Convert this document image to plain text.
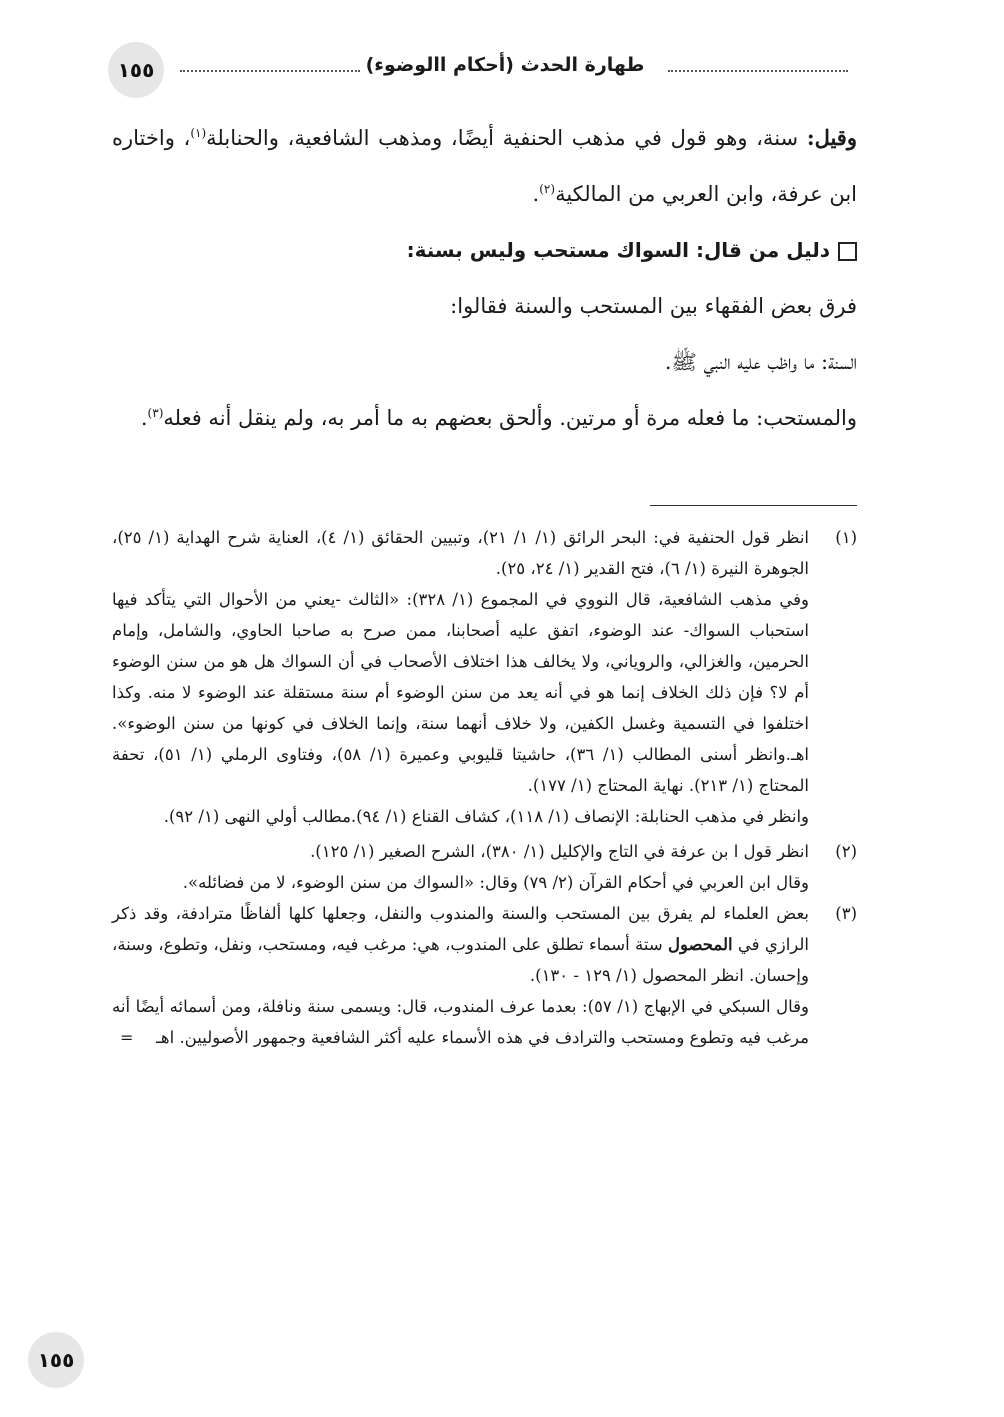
١٥٥	طهارة الحدث (أحكام االوضوء)

وقيل: سنة، وهو قول في مذهب الحنفية أيضًا، ومذهب الشافعية، والحنابلة$^{(١)}$، واختاره ابن عرفة، وابن العربي من المالكية$^{(٢)}$.

دليل من قال: السواك مستحب وليس بسنة:

فرق بعض الفقهاء بين المستحب والسنة فقالوا:

السنة: ما واظب عليه النبي ﷺ.

والمستحب: ما فعله مرة أو مرتين. وألحق بعضهم به ما أمر به، ولم ينقل أنه فعله$^{(٣)}$.

(١)

انظر قول الحنفية في: البحر الرائق (١/ ١/ ٢١)، وتبيين الحقائق (١/ ٤)، العناية شرح الهداية (١/ ٢٥)، الجوهرة النيرة (١/ ٦)، فتح القدير (١/ ٢٤، ٢٥).

وفي مذهب الشافعية، قال النووي في المجموع (١/ ٣٢٨): «الثالث -يعني من الأحوال التي يتأكد فيها استحباب السواك- عند الوضوء، اتفق عليه أصحابنا، ممن صرح به صاحبا الحاوي، والشامل، وإمام الحرمين، والغزالي، والروياني، ولا يخالف هذا اختلاف الأصحاب في أن السواك هل هو من سنن الوضوء أم لا؟ فإن ذلك الخلاف إنما هو في أنه يعد من سنن الوضوء أم سنة مستقلة عند الوضوء لا منه. وكذا اختلفوا في التسمية وغسل الكفين، ولا خلاف أنهما سنة، وإنما الخلاف في كونها من سنن الوضوء». اهـ.وانظر أسنى المطالب (١/ ٣٦)، حاشيتا قليوبي وعميرة (١/ ٥٨)، وفتاوى الرملي (١/ ٥١)، تحفة المحتاج (١/ ٢١٣). نهاية المحتاج (١/ ١٧٧).

وانظر في مذهب الحنابلة: الإنصاف (١/ ١١٨)، كشاف القناع (١/ ٩٤).مطالب أولي النهى (١/ ٩٢).

(٢)

انظر قول ا بن عرفة في التاج والإكليل (١/ ٣٨٠)، الشرح الصغير (١/ ١٢٥).

وقال ابن العربي في أحكام القرآن (٢/ ٧٩) وقال: «السواك من سنن الوضوء، لا من فضائله».

(٣)

بعض العلماء لم يفرق بين المستحب والسنة والمندوب والنفل، وجعلها كلها ألفاظًا مترادفة، وقد ذكر الرازي في المحصول ستة أسماء تطلق على المندوب، هي: مرغب فيه، ومستحب، ونفل، وتطوع، وسنة، وإحسان. انظر المحصول (١/ ١٢٩ - ١٣٠).

وقال السبكي في الإبهاج (١/ ٥٧): بعدما عرف المندوب، قال: ويسمى سنة ونافلة، ومن أسمائه أيضًا أنه مرغب فيه وتطوع ومستحب والترادف في هذه الأسماء عليه أكثر الشافعية وجمهور الأصوليين. اهـ

=
١٥٥
